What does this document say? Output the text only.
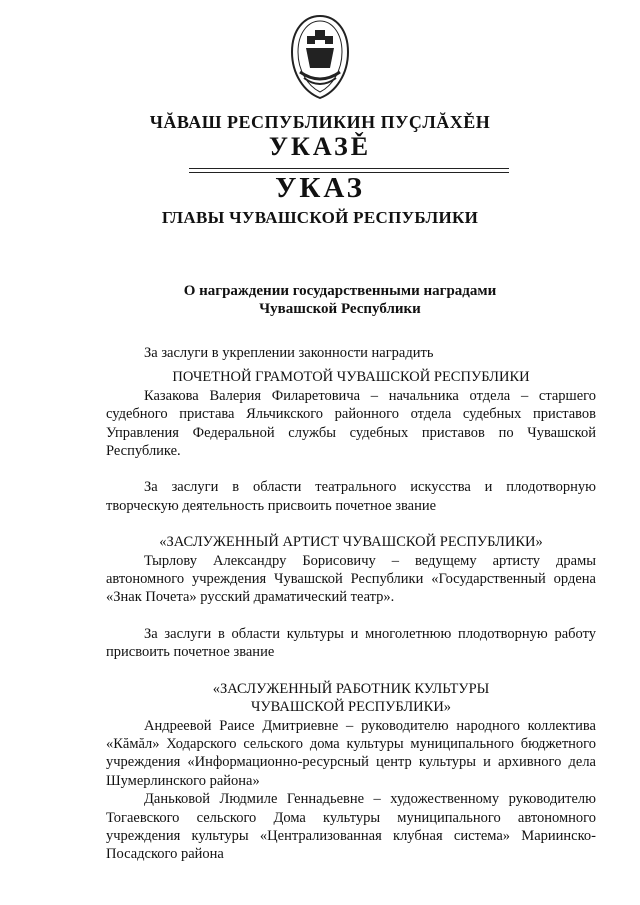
ЧĂВАШ РЕСПУБЛИКИН ПУҪЛĂХĚН
УКАЗĚ
УКАЗ
ГЛАВЫ ЧУВАШСКОЙ РЕСПУБЛИКИ
О награждении государственными наградами
Чувашской Республики

За заслуги в укреплении законности наградить

ПОЧЕТНОЙ ГРАМОТОЙ ЧУВАШСКОЙ РЕСПУБЛИКИ

Казакова Валерия Филаретовича – начальника отдела – старшего судебного пристава Яльчикского районного отдела судебных приставов Управления Федеральной службы судебных приставов по Чувашской Республике.

За заслуги в области театрального искусства и плодотворную творческую деятельность присвоить почетное звание

«ЗАСЛУЖЕННЫЙ АРТИСТ ЧУВАШСКОЙ РЕСПУБЛИКИ»

Тырлову Александру Борисовичу – ведущему артисту драмы автономного учреждения Чувашской Республики «Государственный ордена «Знак Почета» русский драматический театр».

За заслуги в области культуры и многолетнюю плодотворную работу присвоить почетное звание

«ЗАСЛУЖЕННЫЙ РАБОТНИК КУЛЬТУРЫ

ЧУВАШСКОЙ РЕСПУБЛИКИ»

Андреевой Раисе Дмитриевне – руководителю народного коллектива «Кăмăл» Ходарского сельского дома культуры муниципального бюджетного учреждения «Информационно-ресурсный центр культуры и архивного дела Шумерлинского района»

Даньковой Людмиле Геннадьевне – художественному руководителю Тогаевского сельского Дома культуры муниципального автономного учреждения культуры «Централизованная клубная система» Мариинско-Посадского района
